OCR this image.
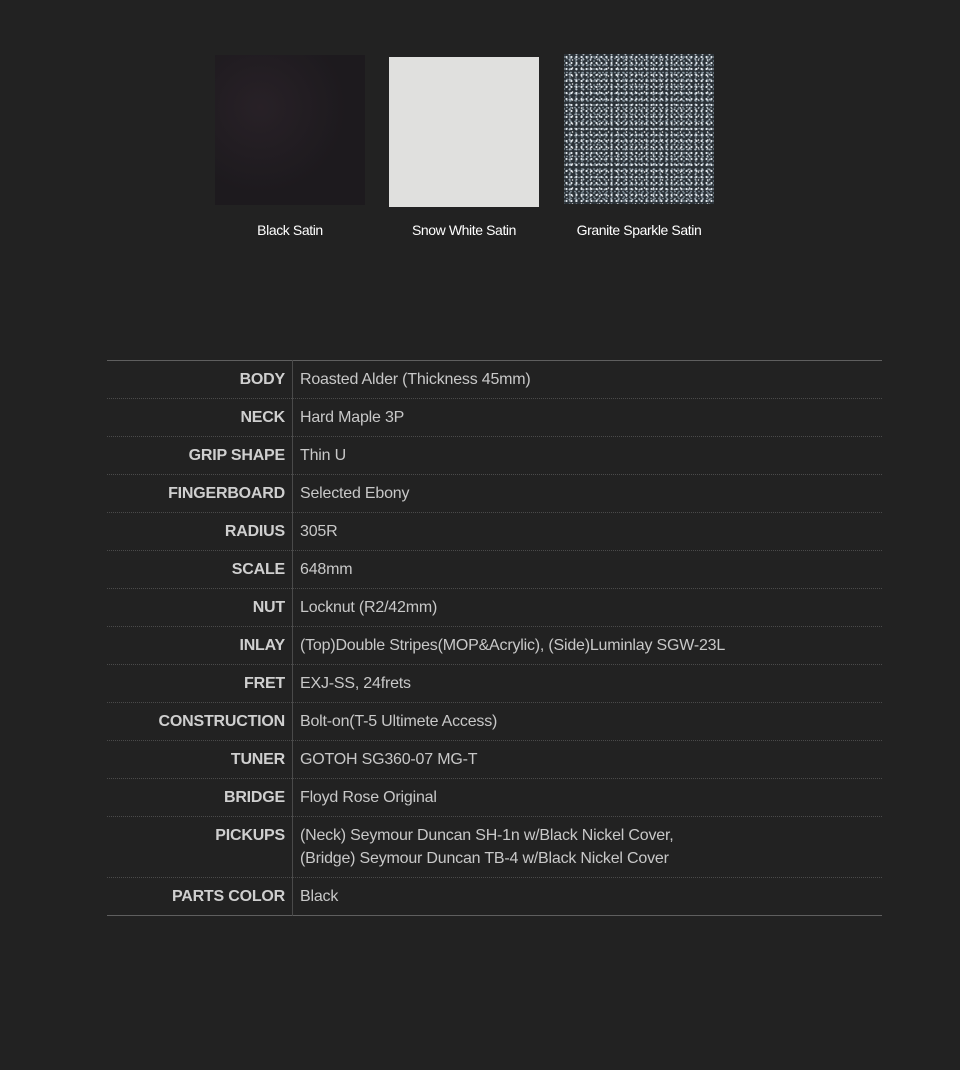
Black Satin	Snow White Satin	Granite Sparkle Satin
BODY	Roasted Alder (Thickness 45mm)
NECK	Hard Maple 3P
GRIP SHAPE	Thin U
FINGERBOARD	Selected Ebony
RADIUS	305R
SCALE	648mm
NUT	Locknut (R2/42mm)
INLAY	(Top)Double Stripes(MOP&Acrylic), (Side)Luminlay SGW-23L
FRET	EXJ-SS, 24frets
CONSTRUCTION	Bolt-on(T-5 Ultimete Access)
TUNER	GOTOH SG360-07 MG-T
BRIDGE	Floyd Rose Original
PICKUPS	(Neck) Seymour Duncan SH-1n w/Black Nickel Cover,
(Bridge) Seymour Duncan TB-4 w/Black Nickel Cover

PARTS COLOR	Black
